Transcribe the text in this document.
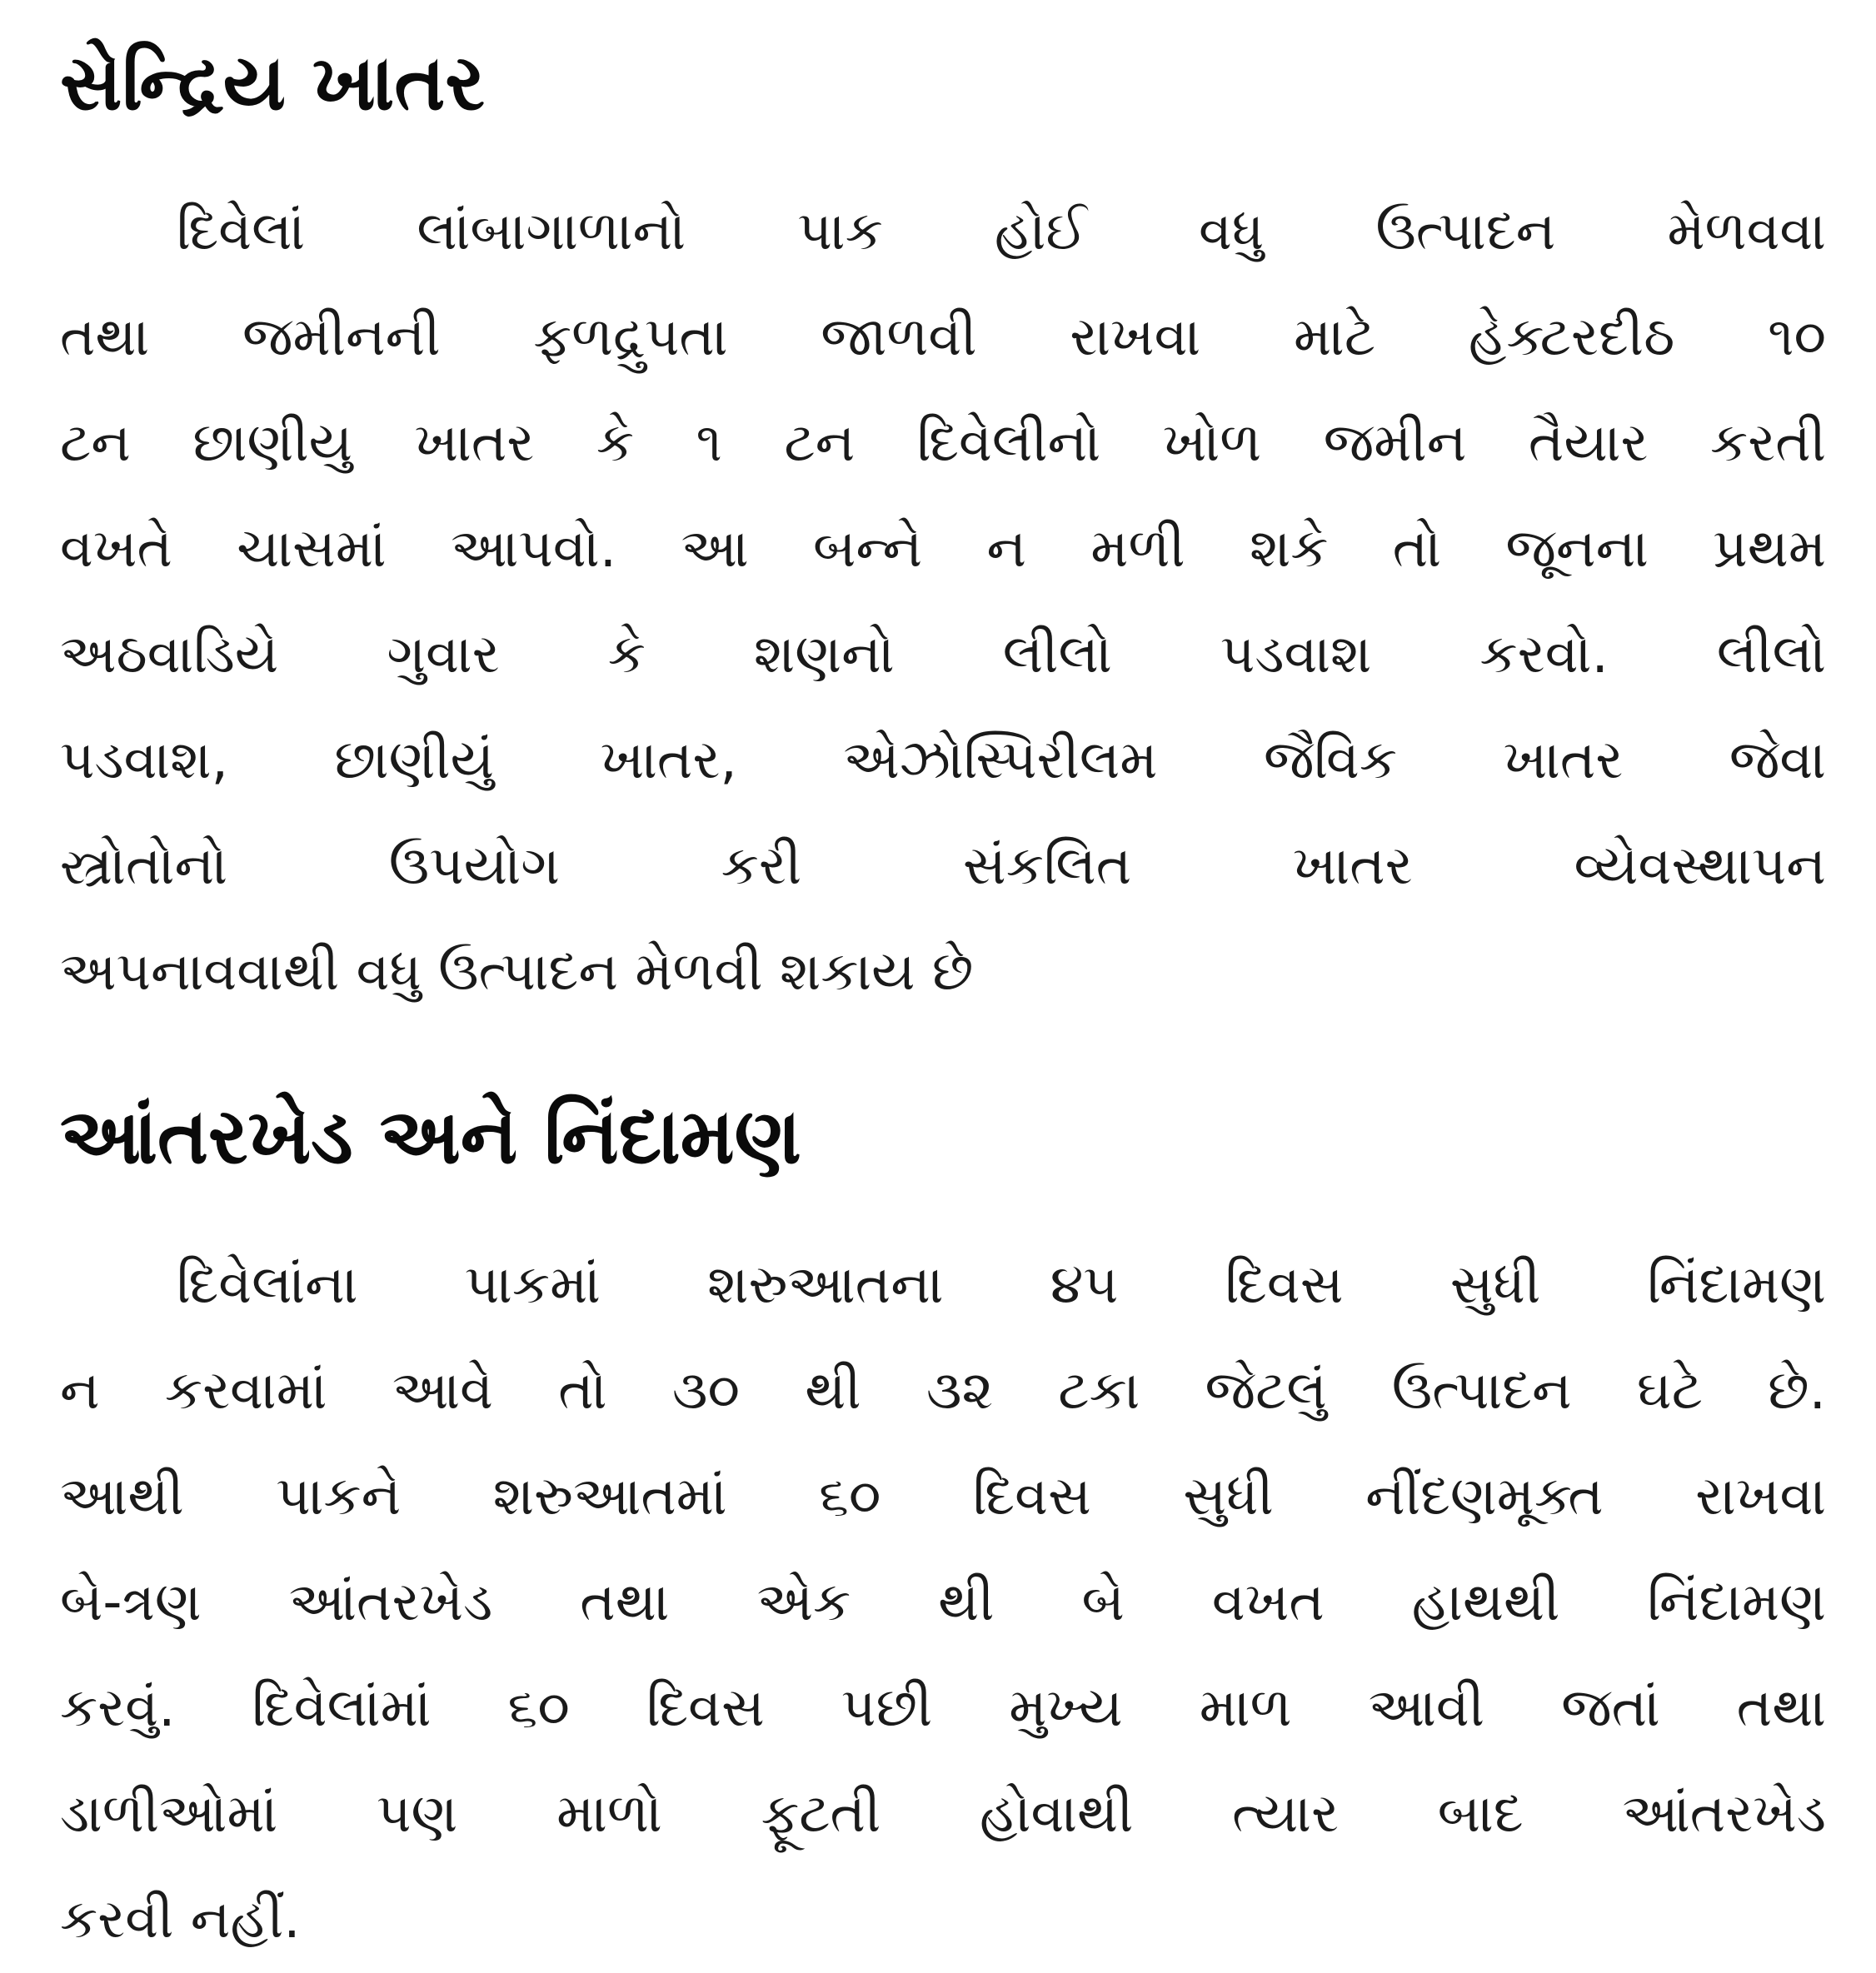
સેન્દ્રિય ખાતર
દિવેલાં લાંબાગાળાનો પાક હોઈ વધુ ઉત્પાદન મેળવવા
તથા જમીનની ફળદ્રુપતા જાળવી રાખવા માટે હેક્ટરદીઠ ૧૦
ટન છાણીયુ ખાતર કે ૧ ટન દિવેલીનો ખોળ જમીન તૈયાર કરતી
વખતે ચાસમાં આપવો. આ બન્ને ન મળી શકે તો જૂનના પ્રથમ
અઠવાડિયે ગુવાર કે શણનો લીલો પડવાશ કરવો. લીલો
પડવાશ, છાણીયું ખાતર, એઝોસ્પિરીલમ જૈવિક ખાતર જેવા
સ્ત્રોતોનો ઉપયોગ કરી સંકલિત ખાતર વ્યેવસ્થાપન
અપનાવવાથી વધુ ઉત્પાદન મેળવી શકાય છે
આંતરખેડ અને નિંદામણ
દિવેલાંના પાકમાં શરુઆતના ૪૫ દિવસ સુધી નિંદામણ
ન કરવામાં આવે તો ૩૦ થી ૩૨ ટકા જેટલું ઉત્પાદન ઘટે છે.
આથી પાકને શરુઆતમાં ૬૦ દિવસ સુધી નીંદણમૂક્ત રાખવા
બે-ત્રણ આંતરખેડ તથા એક થી બે વખત હાથથી નિંદામણ
કરવું. દિવેલાંમાં ૬૦ દિવસ પછી મુખ્ય માળ આવી જતાં તથા
ડાળીઓમાં પણ માળો ફૂટતી હોવાથી ત્યાર બાદ આંતરખેડ
કરવી નહીં.
